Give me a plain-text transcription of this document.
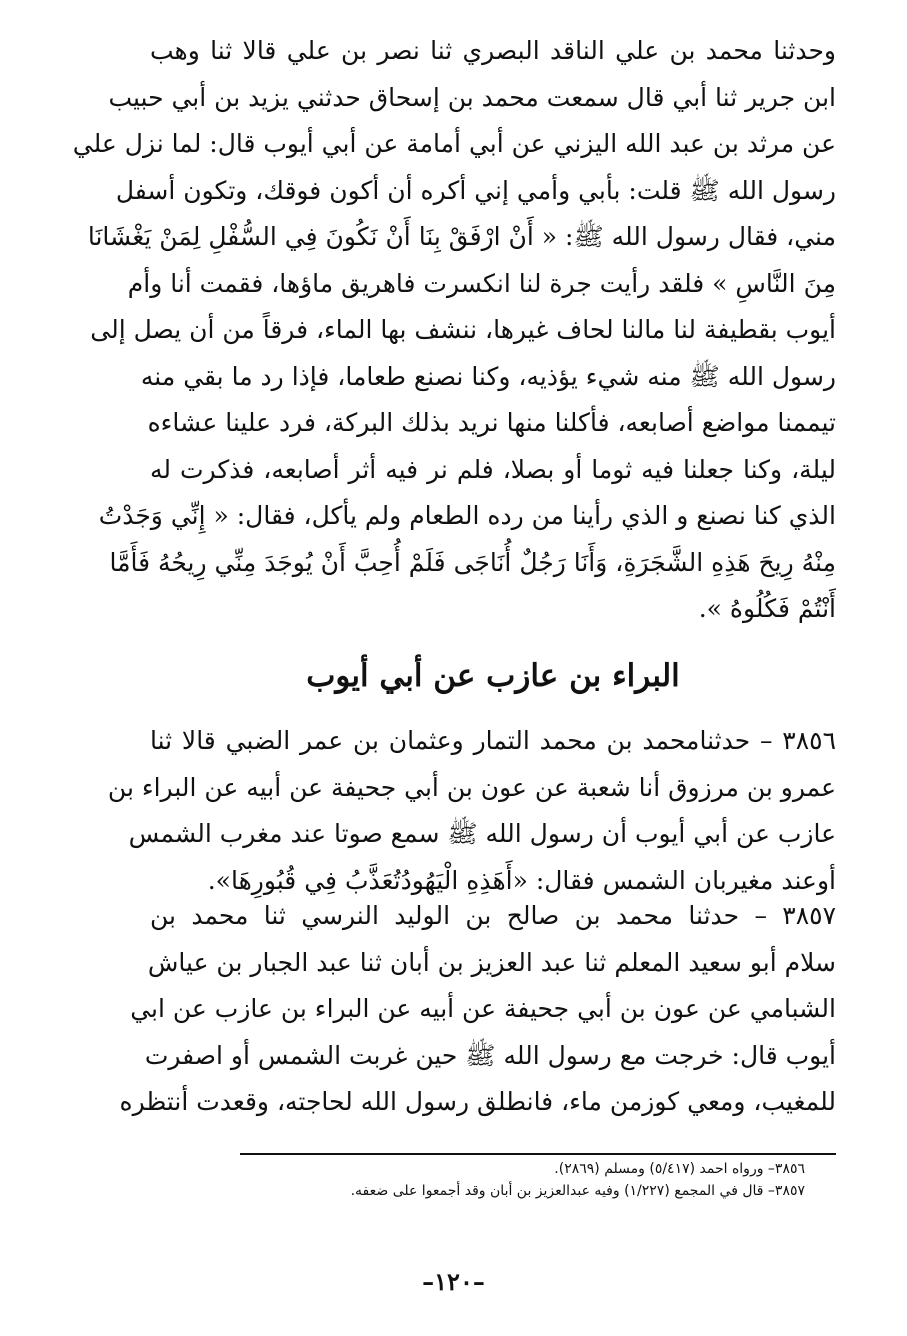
وحدثنا محمد بن علي الناقد البصري ثنا نصر بن علي قالا ثنا وهب
ابن جرير ثنا أبي قال سمعت محمد بن إسحاق حدثني يزيد بن أبي حبيب
عن مرثد بن عبد الله اليزني عن أبي أمامة عن أبي أيوب قال: لما نزل علي
رسول الله ﷺ قلت: بأبي وأمي إني أكره أن أكون فوقك، وتكون أسفل
مني، فقال رسول الله ﷺ: « أَنْ ارْفَقْ بِنَا أَنْ نَكُونَ فِي السُّفْلِ لِمَنْ يَغْشَانَا
مِنَ النَّاسِ » فلقد رأيت جرة لنا انكسرت فاهريق ماؤها، فقمت أنا وأم
أيوب بقطيفة لنا مالنا لحاف غيرها، ننشف بها الماء، فرقاً من أن يصل إلى
رسول الله ﷺ منه شيء يؤذيه، وكنا نصنع طعاما، فإذا رد ما بقي منه
تيممنا مواضع أصابعه، فأكلنا منها نريد بذلك البركة، فرد علينا عشاءه
ليلة، وكنا جعلنا فيه ثوما أو بصلا، فلم نر فيه أثر أصابعه، فذكرت له
الذي كنا نصنع و الذي رأينا من رده الطعام ولم يأكل، فقال: « إِنِّي وَجَدْتُ
مِنْهُ رِيحَ هَذِهِ الشَّجَرَةِ، وَأَنَا رَجُلٌ أُنَاجَى فَلَمْ أُحِبَّ أَنْ يُوجَدَ مِنِّي رِيحُهُ فَأَمَّا
أَنْتُمْ فَكُلُوهُ ».
البراء بن عازب عن أبي أيوب
٣٨٥٦ – حدثنامحمد بن محمد التمار وعثمان بن عمر الضبي قالا ثنا
عمرو بن مرزوق أنا شعبة عن عون بن أبي جحيفة عن أبيه عن البراء بن
عازب عن أبي أيوب أن رسول الله ﷺ سمع صوتا عند مغرب الشمس
أوعند مغيربان الشمس فقال: «أَهَذِهِ الْيَهُودُتُعَذَّبُ فِي قُبُورِهَا».
٣٨٥٧ – حدثنا محمد بن صالح بن الوليد النرسي ثنا محمد بن
سلام أبو سعيد المعلم ثنا عبد العزيز بن أبان ثنا عبد الجبار بن عياش
الشبامي عن عون بن أبي جحيفة عن أبيه عن البراء بن عازب عن ابي
أيوب قال: خرجت مع رسول الله ﷺ حين غربت الشمس أو اصفرت
للمغيب، ومعي كوزمن ماء، فانطلق رسول الله لحاجته، وقعدت أنتظره
٣٨٥٦– ورواه احمد (٥/٤١٧) ومسلم (٢٨٦٩).
٣٨٥٧– قال في المجمع (١/٢٢٧) وفيه عبدالعزيز بن أبان وقد أجمعوا على ضعفه.
–١٢٠–
